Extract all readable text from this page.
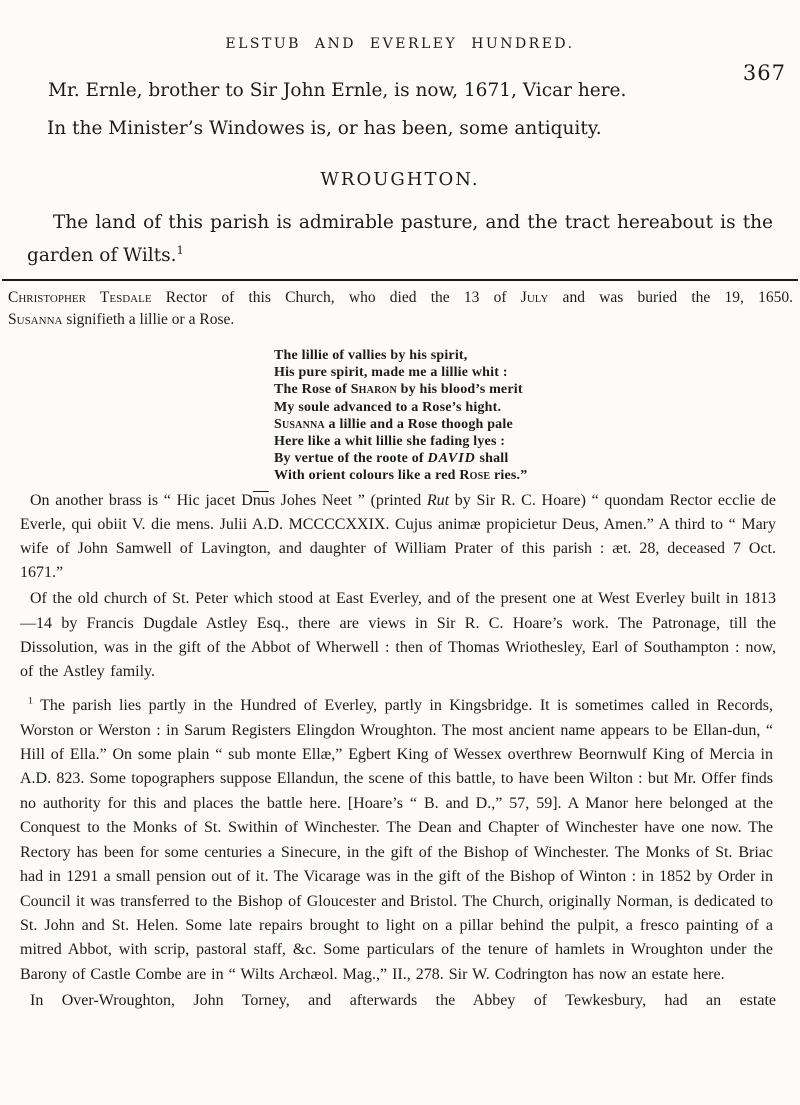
ELSTUB AND EVERLEY HUNDRED.
367

Mr. Ernle, brother to Sir John Ernle, is now, 1671, Vicar here.

In the Minister’s Windowes is, or has been, some antiquity.

WROUGHTON.

The land of this parish is admirable pasture, and the tract hereabout is the garden of Wilts.$^1$

Christopher Tesdale Rector of this Church, who died the 13 of July and was buried the 19, 1650.

Susanna signifieth a lillie or a Rose.

The lillie of vallies by his spirit,

His pure spirit, made me a lillie whit :

The Rose of Sharon by his blood’s merit

My soule advanced to a Rose’s hight.

Susanna a lillie and a Rose thoogh pale

Here like a whit lillie she fading lyes :

By vertue of the roote of DAVID shall

With orient colours like a red Rose ries.”

On another brass is “ Hic jacet $D\overline{nu}s$ Johes Neet ” (printed Rut by Sir R. C. Hoare) “ quondam Rector ecclie de Everle, qui obiit V. die mens. Julii A.D. MCCCCXXIX. Cujus animæ propicietur Deus, Amen.” A third to “ Mary wife of John Samwell of Lavington, and daughter of William Prater of this parish : æt. 28, deceased 7 Oct. 1671.”

Of the old church of St. Peter which stood at East Everley, and of the present one at West Everley built in 1813—14 by Francis Dugdale Astley Esq., there are views in Sir R. C. Hoare’s work. The Patronage, till the Dissolution, was in the gift of the Abbot of Wherwell : then of Thomas Wriothesley, Earl of Southampton : now, of the Astley family.

$^1$ The parish lies partly in the Hundred of Everley, partly in Kingsbridge. It is sometimes called in Records, Worston or Werston : in Sarum Registers Elingdon Wroughton. The most ancient name appears to be Ellan-dun, “ Hill of Ella.” On some plain “ sub monte Ellæ,” Egbert King of Wessex overthrew Beornwulf King of Mercia in A.D. 823. Some topographers suppose Ellandun, the scene of this battle, to have been Wilton : but Mr. Offer finds no authority for this and places the battle here. [Hoare’s “ B. and D.,” 57, 59]. A Manor here belonged at the Conquest to the Monks of St. Swithin of Winchester. The Dean and Chapter of Winchester have one now. The Rectory has been for some centuries a Sinecure, in the gift of the Bishop of Winchester. The Monks of St. Briac had in 1291 a small pension out of it. The Vicarage was in the gift of the Bishop of Winton : in 1852 by Order in Council it was transferred to the Bishop of Gloucester and Bristol. The Church, originally Norman, is dedicated to St. John and St. Helen. Some late repairs brought to light on a pillar behind the pulpit, a fresco painting of a mitred Abbot, with scrip, pastoral staff, &c. Some particulars of the tenure of hamlets in Wroughton under the Barony of Castle Combe are in “ Wilts Archæol. Mag.,” II., 278. Sir W. Codrington has now an estate here.

In Over-Wroughton, John Torney, and afterwards the Abbey of Tewkesbury, had an estate
